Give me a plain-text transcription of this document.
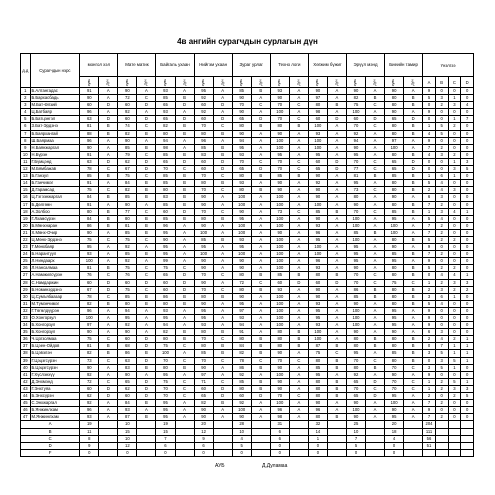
4в ангийн сурагчдын сурлагын дүн
д.д	Сурагчдын нэрс	монгол хэл		Мате матик		Байгаль ухаан		Нийгэм ухаан		Зураг урлаг		Техно логи		Хөгжим бүжиг		Эрүүл мэнд		Биеийн тамир		Үнэлгээ			
		хувь	дүн	хувь	дүн	хувь	дүн	хувь	дүн	хувь	дүн	хувь	дүн	хувь	дүн	хувь	дүн	хувь	дүн	A	B	C	D
1	Б.Алтангадас	91	A	90	A	93	A	95	A	85	B	93	A	90	A	90	A	90	A	9	0	0	0
2	Б.Бархасбадь	90	A	72	C	85	B	92	A	90	A	90	A	97	A	82	B	80	B	5	3	1	0
3	М.Бат-Өлзий	60	D	60	D	65	D	60	D	70	C	70	C	80	B	75	C	80	B	0	2	3	4
4	Ц.Батбаяр	96	A	92	A	93	A	92	A	90	A	100	A	98	A	100	A	90	A	9	0	0	0
5	Б.Батцэнгэл	63	D	60	D	65	D	60	D	65	D	70	C	60	D	60	D	65	D	0	0	1	7
6	З.Бат-Эрдэнэ	81	B	74	C	82	B	70	C	80	B	80	B	100	A	70	C	80	B	1	5	2	0
7	Б.Баярхангай	88	B	82	B	80	B	80	B	90	A	90	A	93	A	92	A	80	B	4	5	0	0
8	Ш.Баярмаа	96	A	90	A	94	A	96	A	94	A	100	A	100	A	94	A	97	A	9	0	0	0
9	Н.Баянжаргал	90	A	85	B	98	A	85	B	95	A	100	A	100	A	90	A	100	A	7	2	0	0
10	Н.Бүрэн	91	A	79	C	85	B	83	B	93	A	95	A	95	A	95	A	80	B	4	3	2	0
11	Г.Бүмцэнд	63	D	62	D	65	D	60	D	70	C	70	C	60	D	70	C	65	D	0	0	1	3
12	М.Бямбажав	78	C	67	D	70	C	60	D	65	D	70	C	65	D	77	C	65	D	0	0	3	5
13	Б.Ганзул	85	B	75	C	85	B	70	C	80	B	85	B	90	A	81	B	85	B	1	6	1	0
14	Б.Ганчимэг	91	A	84	B	85	B	80	B	93	A	90	A	92	A	95	A	80	B	5	4	0	0
15	Д.Гарамсад	75	C	82	B	80	B	70	C	80	B	90	A	90	A	73	C	80	B	2	4	3	0
16	Ц.Гэгээнжаргал	84	B	85	B	83	B	90	A	100	A	100	A	90	A	80	A	90	A	6	3	0	0
17	Б.Дөлгөөн	91	A	90	A	85	B	90	A	100	A	100	A	100	A	90	A	80	B	7	2	0	0
18	А.Золбоо	80	B	77	C	60	D	70	C	90	A	73	C	85	B	70	C	85	B	1	3	4	1
19	Г.Лхамсүрэн	84	B	80	B	85	B	80	B	95	A	100	A	90	A	100	A	95	A	5	4	0	0
20	Б.Мөнхнаран	86	B	81	B	96	A	90	A	100	A	100	A	93	A	100	A	100	A	7	2	0	0
21	Х.Мөнх-Очир	90	A	85	B	95	A	100	A	100	A	90	A	96	A	85	B	100	A	7	2	0	0
22	Ц.Мөнх-Эрдэнэ	75	C	75	C	90	A	85	B	93	A	100	A	95	A	100	A	80	B	5	2	2	0
23	Т.Мөнхбаяр	95	A	92	A	95	A	95	A	95	A	100	A	100	A	95	A	90	A	9	0	0	0
24	Б.Нарантуул	93	A	85	B	95	A	100	A	100	A	100	A	100	A	95	A	85	B	7	2	0	0
25	Л.Ниндаарх	100	A	92	A	99	A	90	A	90	A	100	A	96	A	95	A	95	A	9	0	0	0
26	Л.Нансалмаа	81	B	75	C	75	C	90	A	90	A	100	A	93	A	90	A	80	B	5	2	2	0
27	А.Намжилсүрэн	76	C	76	C	65	D	70	C	80	B	85	B	80	B	70	C	80	B	0	4	4	1
28	С.Намдаржин	60	D	60	D	60	D	90	A	72	C	60	D	60	D	70	C	75	C	1	2	3	3
29	Б.Номинэрдэнэ	67	D	75	C	60	D	70	C	80	B	93	A	90	A	86	B	80	B	2	3	2	2
30	Ц.Сумъябаазар	78	C	85	B	86	B	80	B	90	A	100	A	90	A	85	B	80	B	3	6	1	0
31	М.Түмэнчимэг	82	B	80	B	80	B	90	A	95	A	100	A	93	A	90	A	80	B	5	4	0	0
32	Г.Төгөлдүүрэн	96	A	94	A	93	A	95	A	97	A	100	A	95	A	100	A	95	A	9	0	0	0
33	О.Хонгорзул	100	A	95	A	95	A	95	A	93	A	100	A	95	A	100	A	95	A	9	0	0	0
34	Б.Хонгорзул	97	A	92	A	94	A	93	A	94	A	100	A	93	A	100	A	95	A	9	0	0	0
35	Б.Хонгорзул	90	A	90	A	82	B	80	B	91	A	80	B	100	A	90	A	90	A	6	3	0	0
36	Ч.Цогзолмаа	75	C	60	D	80	B	70	C	80	B	80	B	100	A	80	B	80	B	2	4	2	1
37	Б.Цэен-Ойдов	81	B	68	D	75	C	80	B	84	B	80	B	87	B	80	B	80	B	0	7	1	1
38	Б.Цэвэлэн	82	B	86	B	100	A	85	B	82	B	90	A	75	C	95	A	85	B	3	5	1	1
39	Г.Цэцэгсүрэн	73	C	63	D	70	C	70	C	78	C	70	C	80	B	70	C	80	B	0	3	5	1
40	Б.Цэцэгсүрэн	90	A	83	B	80	B	90	A	86	B	90	A	85	B	80	B	70	C	3	5	1	0
41	Г.Хүслэнхүү	92	A	90	A	95	A	97	A	92	A	100	A	95	A	92	A	90	A	9	0	0	0
42	Д.Энхмэнд	72	C	65	D	75	C	71	C	85	B	90	A	80	B	65	D	70	C	1	2	5	1
43	Г.Энхтуяа	60	D	62	D	70	C	60	D	80	B	90	A	80	B	70	C	70	C	1	2	3	3
44	Б.Энхсүрэн	62	D	60	D	70	C	65	D	60	D	70	C	80	B	65	D	95	A	2	0	2	5
45	С.Энхжаргал	92	A	84	B	95	A	82	B	92	A	100	A	90	A	90	A	100	A	7	2	0	0
46	Б.Янжинлхам	96	A	93	A	95	A	90	A	100	A	96	A	96	A	100	A	90	A	9	0	0	0
47	М.Янжинлхам	93	A	87	B	95	A	90	A	90	A	98	A	80	B	90	A	95	A	7	2	0	0
A		19		10		19		20		28		31		32		25		20		204			
B		11		15		15		12		10		6		14		10		18		111			
C		8		10		7		9		4		6		1		7		4		56			
D		9		12		6		6		5		0		0		5		0		51			
F		0		0		0		0		0		0		0		0		0					
АУБ	Д.Дуламаа
